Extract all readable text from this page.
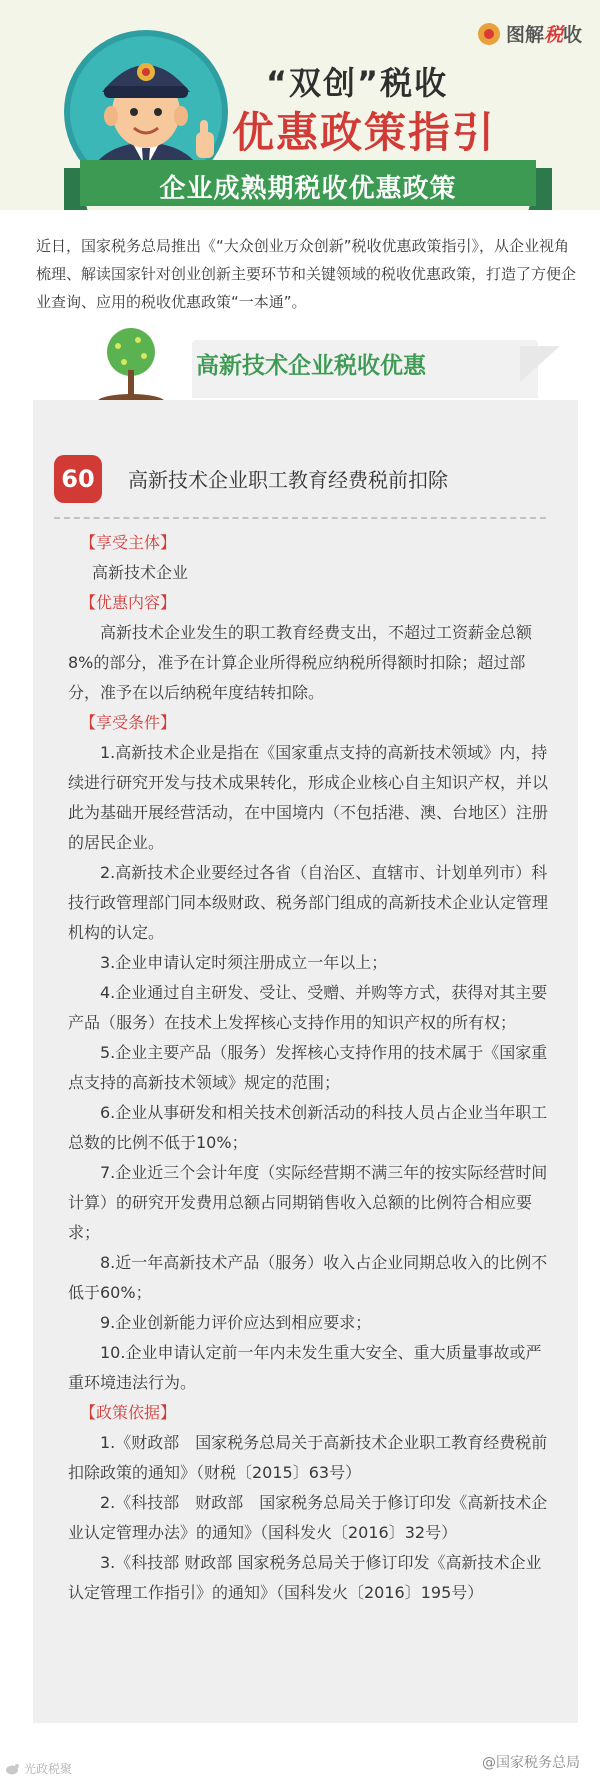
图解税收
“双创”税收
优惠政策指引
企业成熟期税收优惠政策
近日，国家税务总局推出《“大众创业万众创新”税收优惠政策指引》，从企业视角梳理、解读国家针对创业创新主要环节和关键领域的税收优惠政策，打造了方便企业查询、应用的税收优惠政策“一本通”。
高新技术企业税收优惠
60	高新技术企业职工教育经费税前扣除

【享受主体】

高新技术企业

【优惠内容】

高新技术企业发生的职工教育经费支出，不超过工资薪金总额8%的部分，准予在计算企业所得税应纳税所得额时扣除；超过部分，准予在以后纳税年度结转扣除。

【享受条件】

1.高新技术企业是指在《国家重点支持的高新技术领域》内，持续进行研究开发与技术成果转化，形成企业核心自主知识产权，并以此为基础开展经营活动，在中国境内（不包括港、澳、台地区）注册的居民企业。

2.高新技术企业要经过各省（自治区、直辖市、计划单列市）科技行政管理部门同本级财政、税务部门组成的高新技术企业认定管理机构的认定。

3.企业申请认定时须注册成立一年以上；

4.企业通过自主研发、受让、受赠、并购等方式，获得对其主要产品（服务）在技术上发挥核心支持作用的知识产权的所有权；

5.企业主要产品（服务）发挥核心支持作用的技术属于《国家重点支持的高新技术领域》规定的范围；

6.企业从事研发和相关技术创新活动的科技人员占企业当年职工总数的比例不低于10%；

7.企业近三个会计年度（实际经营期不满三年的按实际经营时间计算）的研究开发费用总额占同期销售收入总额的比例符合相应要求；

8.近一年高新技术产品（服务）收入占企业同期总收入的比例不低于60%；

9.企业创新能力评价应达到相应要求；

10.企业申请认定前一年内未发生重大安全、重大质量事故或严重环境违法行为。

【政策依据】

1.《财政部　国家税务总局关于高新技术企业职工教育经费税前扣除政策的通知》（财税〔2015〕63号）

2.《科技部　财政部　国家税务总局关于修订印发《高新技术企业认定管理办法》的通知》（国科发火〔2016〕32号）

3.《科技部 财政部 国家税务总局关于修订印发《高新技术企业认定管理工作指引》的通知》（国科发火〔2016〕195号）

@国家税务总局
光政税聚
